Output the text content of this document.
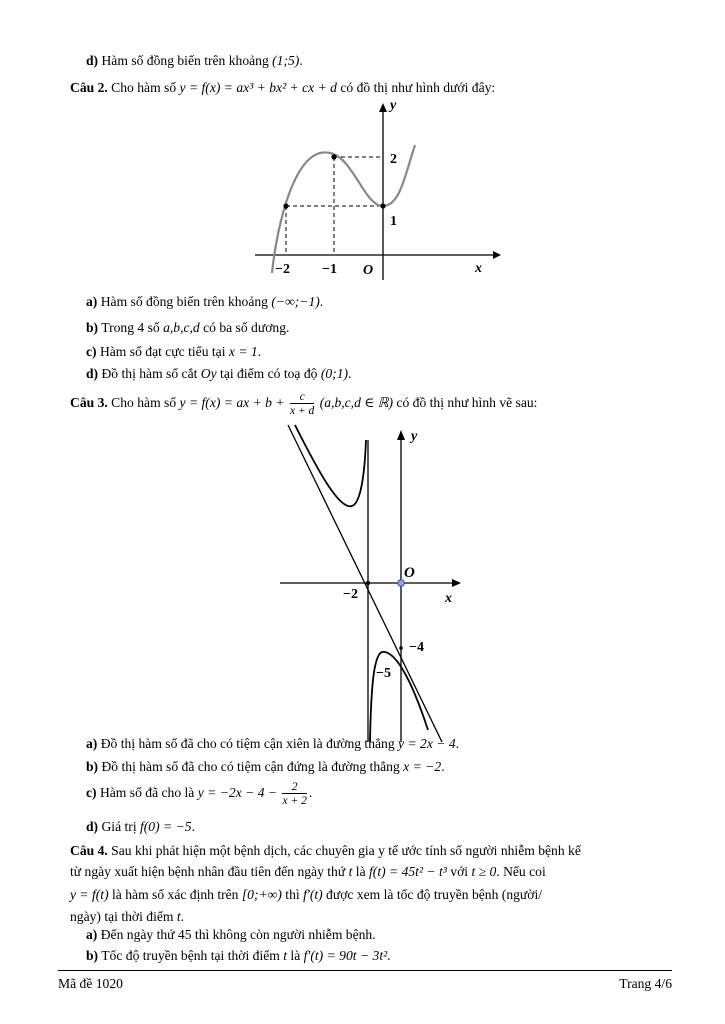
d) Hàm số đồng biến trên khoảng (1;5).
Câu 2. Cho hàm số y = f(x) = ax³ + bx² + cx + d có đồ thị như hình dưới đây:
y
x
O
2
1
−2 −1
a) Hàm số đồng biến trên khoảng (−∞;−1).
b) Trong 4 số a,b,c,d có ba số dương.
c) Hàm số đạt cực tiểu tại x = 1.
d) Đồ thị hàm số cắt Oy tại điểm có toạ độ (0;1).
Câu 3. Cho hàm số y = f(x) = ax + $b + \frac{c}{x + d} (a,b,c,d$ ∈ ℝ) có đồ thị như hình vẽ sau:
y
x
O
−2
−4
−5
a) Đồ thị hàm số đã cho có tiệm cận xiên là đường thẳng y = 2x − 4.
b) Đồ thị hàm số đã cho có tiệm cận đứng là đường thẳng x = −2.
c) Hàm số đã cho là $y = -2x - 4 - \frac{2}{x + 2}$ .
d) Giá trị f(0) = −5.
Câu 4. Sau khi phát hiện một bệnh dịch, các chuyên gia y tế ước tính số người nhiễm bệnh kể
từ ngày xuất hiện bệnh nhân đầu tiên đến ngày thứ t là f(t) = 45t² − t³ với t ≥ 0. Nếu coi
y = f(t) là hàm số xác định trên [0;+∞) thì f′(t) được xem là tốc độ truyền bệnh (người/
ngày) tại thời điểm t.
a) Đến ngày thứ 45 thì không còn người nhiễm bệnh.
b) Tốc độ truyền bệnh tại thời điểm t là f′(t) = 90t − 3t².
Mã đề 1020	Trang 4/6
